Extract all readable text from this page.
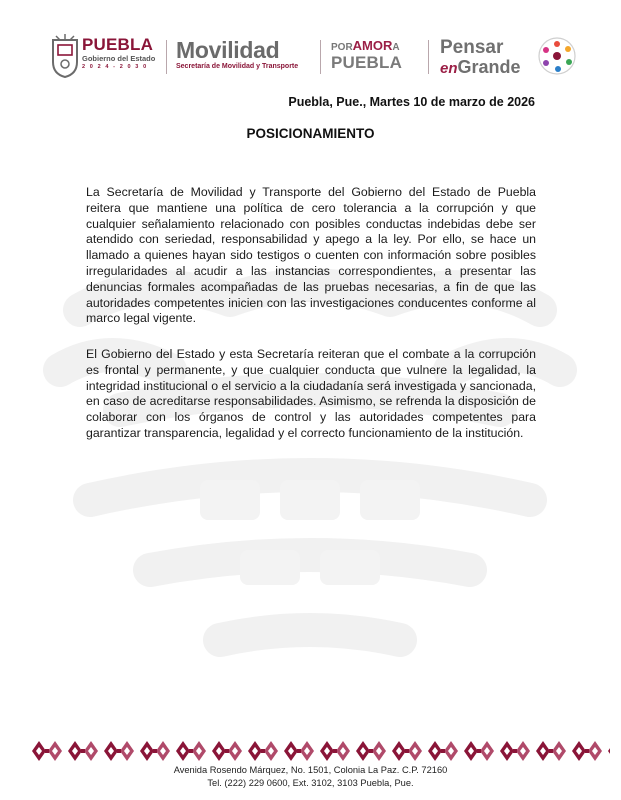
PUEBLA
Gobierno del Estado
2 0 2 4 - 2 0 3 0
Movilidad
Secretaría de Movilidad y Transporte
PORAMORA
PUEBLA
Pensar
enGrande
Puebla, Pue., Martes 10 de marzo de 2026
POSICIONAMIENTO

La Secretaría de Movilidad y Transporte del Gobierno del Estado de Puebla reitera que mantiene una política de cero tolerancia a la corrupción y que cualquier señalamiento relacionado con posibles conductas indebidas debe ser atendido con seriedad, responsabilidad y apego a la ley. Por ello, se hace un llamado a quienes hayan sido testigos o cuenten con información sobre posibles irregularidades al acudir a las instancias correspondientes, a presentar las denuncias formales acompañadas de las pruebas necesarias, a fin de que las autoridades competentes inicien con las investigaciones conducentes conforme al marco legal vigente.

El Gobierno del Estado y esta Secretaría reiteran que el combate a la corrupción es frontal y permanente, y que cualquier conducta que vulnere la legalidad, la integridad institucional o el servicio a la ciudadanía será investigada y sancionada, en caso de acreditarse responsabilidades. Asimismo, se refrenda la disposición de colaborar con los órganos de control y las autoridades competentes para garantizar transparencia, legalidad y el correcto funcionamiento de la institución.

Avenida Rosendo Márquez, No. 1501, Colonia La Paz. C.P. 72160
Tel. (222) 229 0600, Ext. 3102, 3103 Puebla, Pue.
